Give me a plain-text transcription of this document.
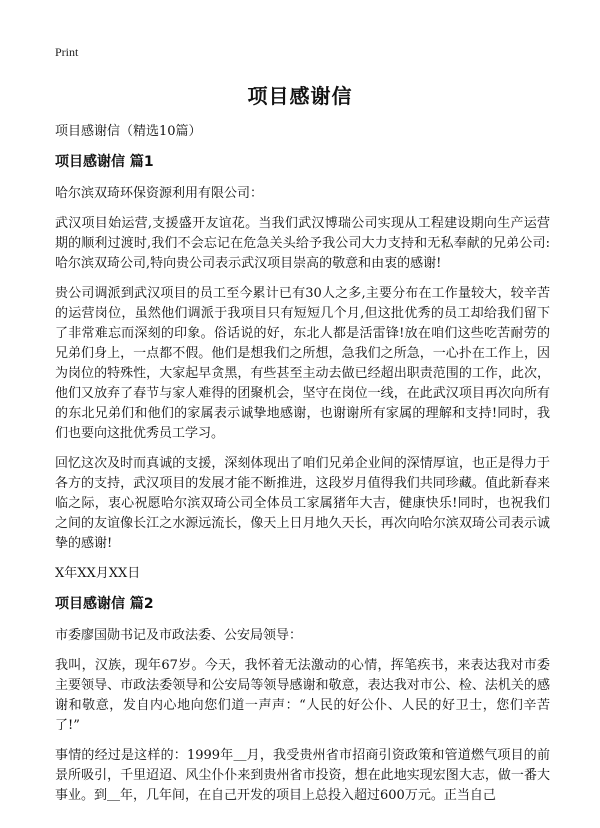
Print
项目感谢信

项目感谢信（精选10篇）

项目感谢信 篇1

哈尔滨双琦环保资源利用有限公司：

武汉项目始运营,支援盛开友谊花。当我们武汉博瑞公司实现从工程建设期向生产运营期的顺利过渡时,我们不会忘记在危急关头给予我公司大力支持和无私奉献的兄弟公司:哈尔滨双琦公司,特向贵公司表示武汉项目崇高的敬意和由衷的感谢!

贵公司调派到武汉项目的员工至今累计已有30人之多,主要分布在工作量较大，较辛苦的运营岗位，虽然他们调派于我项目只有短短几个月,但这批优秀的员工却给我们留下了非常难忘而深刻的印象。俗话说的好，东北人都是活雷锋!放在咱们这些吃苦耐劳的兄弟们身上，一点都不假。他们是想我们之所想，急我们之所急，一心扑在工作上，因为岗位的特殊性，大家起早贪黑，有些甚至主动去做已经超出职责范围的工作，此次，他们又放弃了春节与家人难得的团聚机会，坚守在岗位一线，在此武汉项目再次向所有的东北兄弟们和他们的家属表示诚挚地感谢，也谢谢所有家属的理解和支持!同时，我们也要向这批优秀员工学习。

回忆这次及时而真诚的支援，深刻体现出了咱们兄弟企业间的深情厚谊，也正是得力于各方的支持，武汉项目的发展才能不断推进，这段岁月值得我们共同珍藏。值此新春来临之际，衷心祝愿哈尔滨双琦公司全体员工家属猪年大吉，健康快乐!同时，也祝我们之间的友谊像长江之水源远流长，像天上日月地久天长，再次向哈尔滨双琦公司表示诚挚的感谢!

X年XX月XX日

项目感谢信 篇2

市委廖国勋书记及市政法委、公安局领导：

我叫，汉族，现年67岁。今天，我怀着无法激动的心情，挥笔疾书，来表达我对市委主要领导、市政法委领导和公安局等领导感谢和敬意，表达我对市公、检、法机关的感谢和敬意，发自内心地向您们道一声声：“人民的好公仆、人民的好卫士，您们辛苦了!”

事情的经过是这样的：1999年＿月，我受贵州省市招商引资政策和管道燃气项目的前景所吸引，千里迢迢、风尘仆仆来到贵州省市投资，想在此地实现宏图大志，做一番大事业。到＿年，几年间，在自己开发的项目上总投入超过600万元。正当自己
